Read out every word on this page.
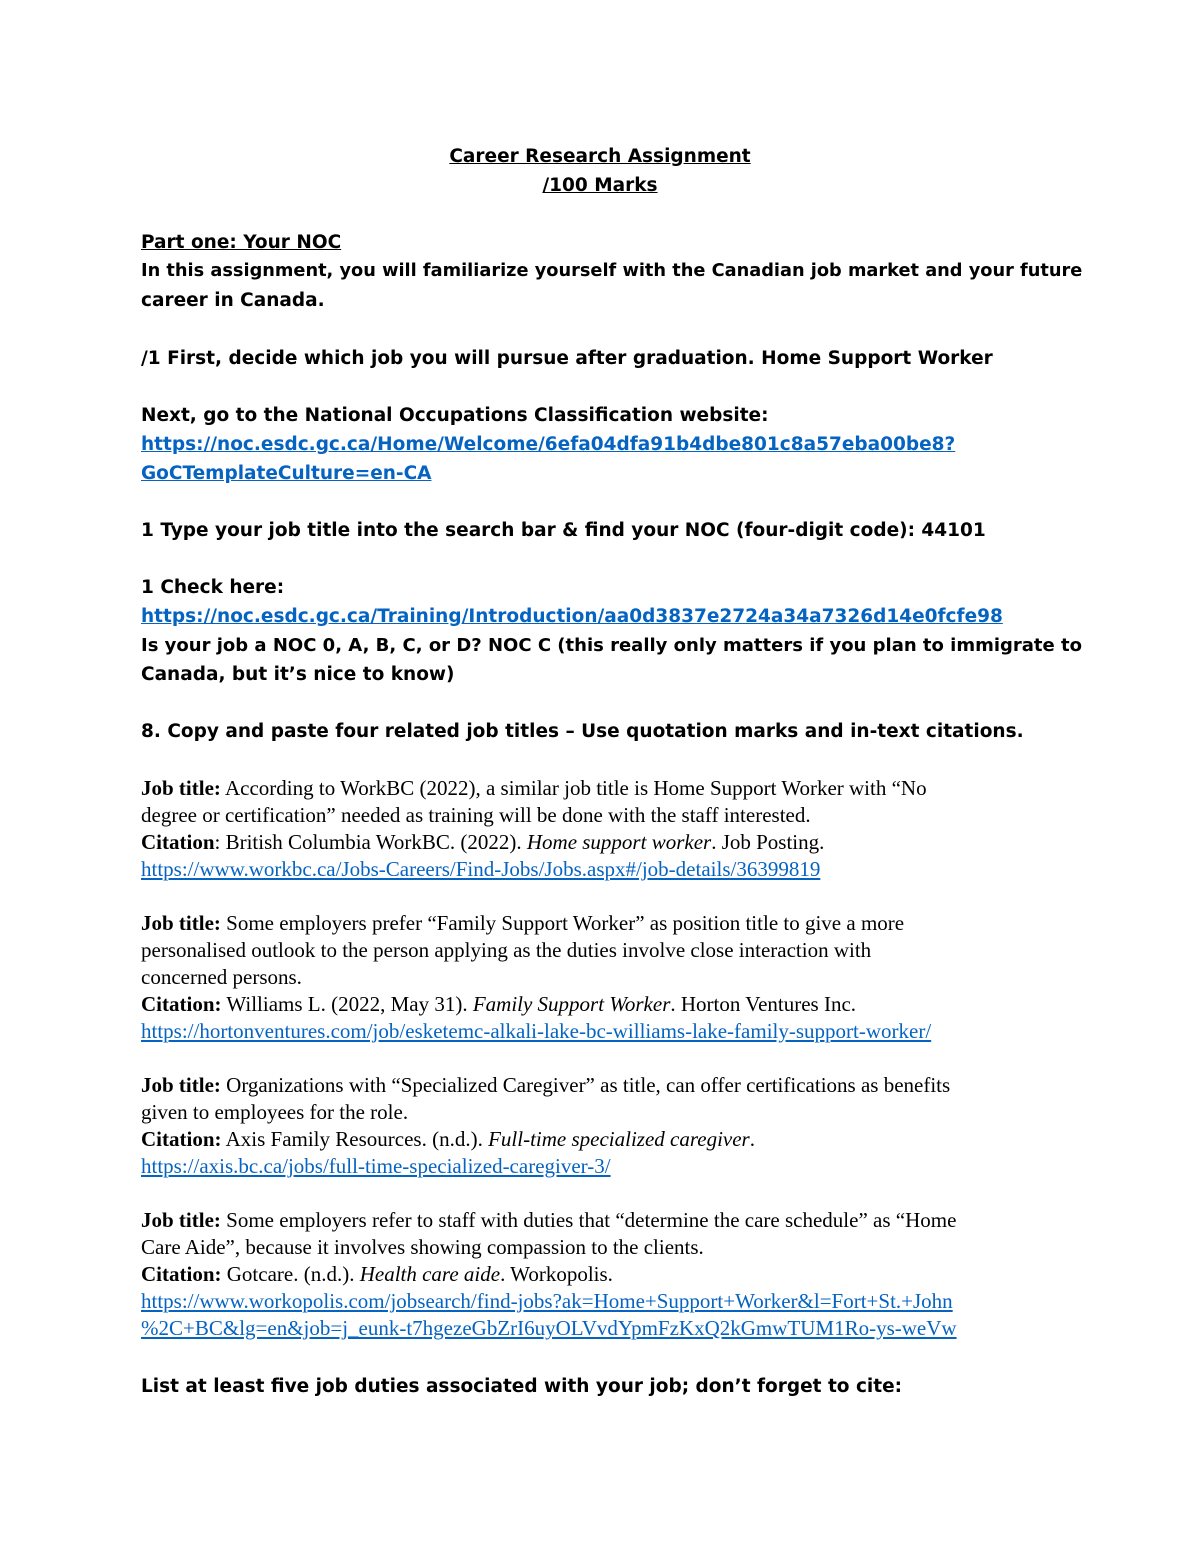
Career Research Assignment
/100 Marks
Part one: Your NOC
In this assignment, you will familiarize yourself with the Canadian job market and your future
career in Canada.
/1 First, decide which job you will pursue after graduation. Home Support Worker
Next, go to the National Occupations Classification website:
https://noc.esdc.gc.ca/Home/Welcome/6efa04dfa91b4dbe801c8a57eba00be8?
GoCTemplateCulture=en-CA
1 Type your job title into the search bar & find your NOC (four-digit code): 44101
1 Check here:
https://noc.esdc.gc.ca/Training/Introduction/aa0d3837e2724a34a7326d14e0fcfe98
Is your job a NOC 0, A, B, C, or D? NOC C (this really only matters if you plan to immigrate to
Canada, but it’s nice to know)
8. Copy and paste four related job titles – Use quotation marks and in-text citations.
Job title: According to WorkBC (2022), a similar job title is Home Support Worker with “No
degree or certification” needed as training will be done with the staff interested.
Citation: British Columbia WorkBC. (2022). Home support worker. Job Posting.
https://www.workbc.ca/Jobs-Careers/Find-Jobs/Jobs.aspx#/job-details/36399819
Job title: Some employers prefer “Family Support Worker” as position title to give a more
personalised outlook to the person applying as the duties involve close interaction with
concerned persons.
Citation: Williams L. (2022, May 31). Family Support Worker. Horton Ventures Inc.
https://hortonventures.com/job/esketemc-alkali-lake-bc-williams-lake-family-support-worker/
Job title: Organizations with “Specialized Caregiver” as title, can offer certifications as benefits
given to employees for the role.
Citation: Axis Family Resources. (n.d.). Full-time specialized caregiver.
https://axis.bc.ca/jobs/full-time-specialized-caregiver-3/
Job title: Some employers refer to staff with duties that “determine the care schedule” as “Home
Care Aide”, because it involves showing compassion to the clients.
Citation: Gotcare. (n.d.). Health care aide. Workopolis.
https://www.workopolis.com/jobsearch/find-jobs?ak=Home+Support+Worker&l=Fort+St.+John
%2C+BC&lg=en&job=j_eunk-t7hgezeGbZrI6uyOLVvdYpmFzKxQ2kGmwTUM1Ro-ys-weVw
List at least five job duties associated with your job; don’t forget to cite:
